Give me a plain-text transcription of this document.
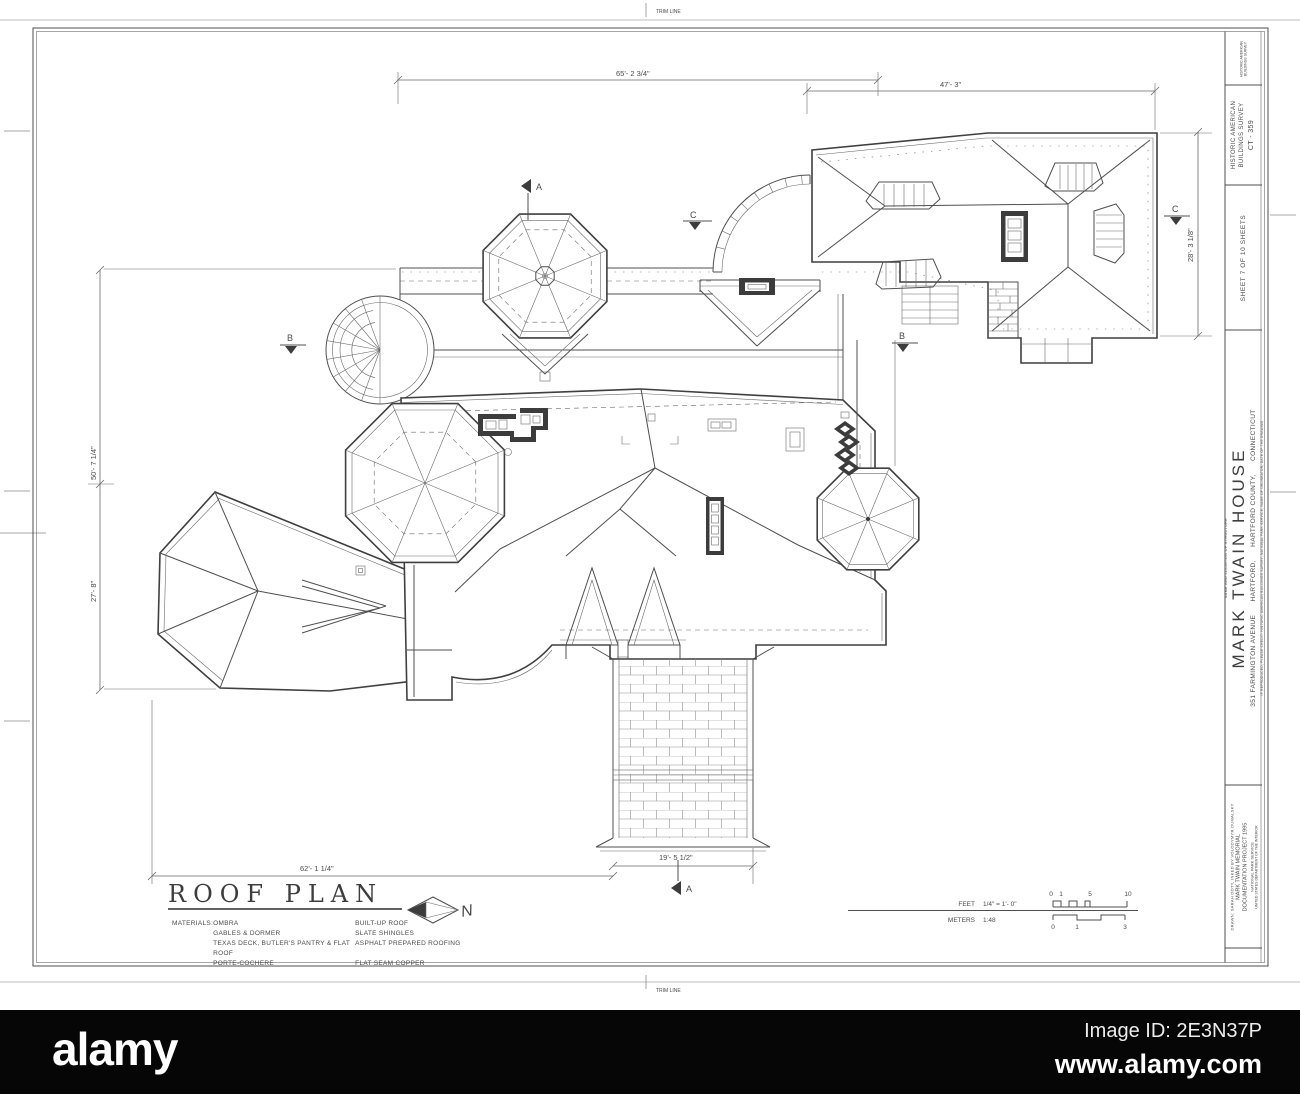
TRIM LINE
TRIM LINE
65'- 2 3/4"
47'- 3"
28'- 3 1/8"
50'- 7 1/4"
27'- 8"
62'- 1 1/4"
19'- 5 1/2"
A
C
B	B
C
A
N	FEET 1/4" = 1'- 0"
0 1	5	10
METERS 1:48
0	1	3
ROOF PLAN
MATERIALS:	OMBRA	BUILT-UP ROOF
	GABLES & DORMER	SLATE SHINGLES
	TEXAS DECK, BUTLER'S PANTRY & FLAT ROOF	ASPHALT PREPARED ROOFING
	PORTE-COCHERE	FLAT SEAM COPPER
HISTORIC AMERICAN BUILDINGS SURVEY
HISTORIC AMERICAN BUILDINGS SURVEY CT - 359
SHEET 7 OF 10 SHEETS
NAME AND LOCATION OF STRUCTURE MARK TWAIN HOUSE 351 FARMINGTON AVENUE      HARTFORD,      HARTFORD COUNTY,      CONNECTICUT IF REPRODUCED, PLEASE CREDIT: HISTORIC AMERICAN BUILDINGS SURVEY, NATIONAL PARK SERVICE, NAME OF DELINEATOR, DATE OF THE DRAWING
DRAWN: SARAH DOTY, INKED BY VOLODYMYR DUMALSKY MARK TWAIN MEMORIAL DOCUMENTATION PROJECT 1995 NATIONAL PARK SERVICE UNITED STATES DEPARTMENT OF THE INTERIOR
alamy	Image ID: 2E3N37P
www.alamy.com
